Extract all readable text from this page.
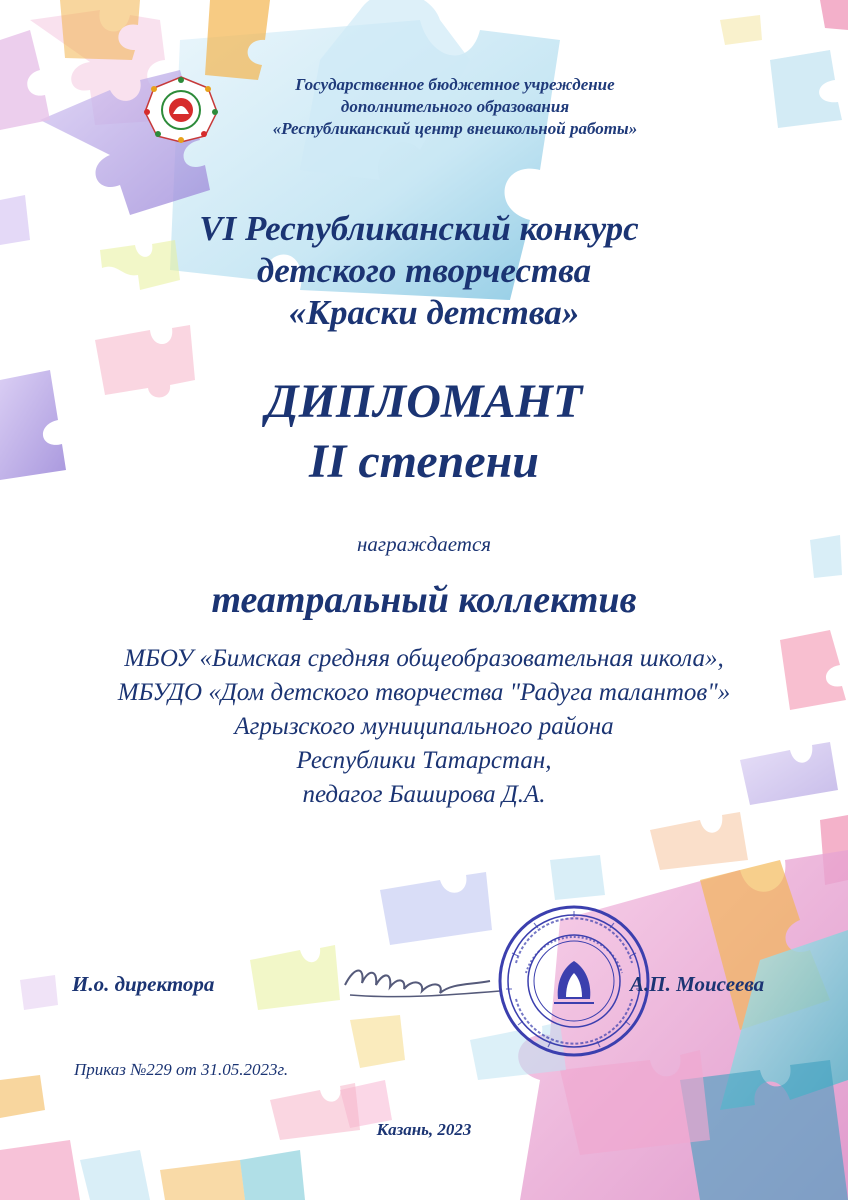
Государственное бюджетное учреждение
дополнительного образования
«Республиканский центр внешкольной работы»
VI Республиканский конкурс
детского творчества
«Краски детства»
ДИПЛОМАНТ
II степени
награждается
театральный коллектив
МБОУ «Бимская средняя общеобразовательная школа»,
МБУДО «Дом детского творчества "Радуга талантов"»
Агрызского муниципального района
Республики Татарстан,
педагог Баширова Д.А.
И.о. директора	А.П. Моисеева
Приказ №229 от 31.05.2023г.
Казань, 2023
